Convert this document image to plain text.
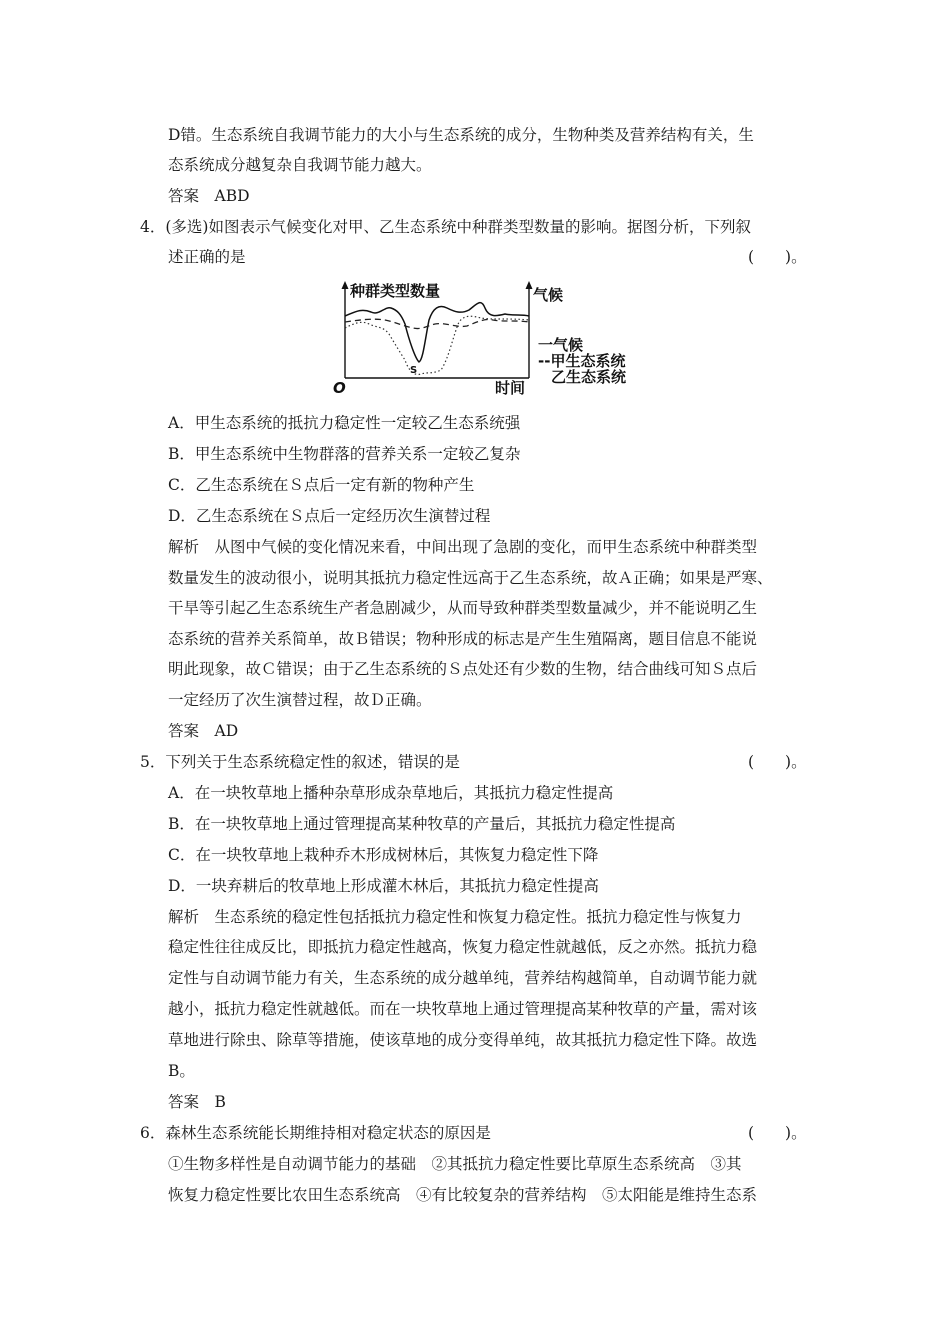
D错。生态系统自我调节能力的大小与生态系统的成分，生物种类及营养结构有关，生
态系统成分越复杂自我调节能力越大。
答案　ABD
4．(多选)如图表示气候变化对甲、乙生态系统中种群类型数量的影响。据图分析，下列叙
述正确的是	(　　)。
种群类型数量	气候
O	时间
S
一气候
--甲生态系统
乙生态系统
A．甲生态系统的抵抗力稳定性一定较乙生态系统强
B．甲生态系统中生物群落的营养关系一定较乙复杂
C．乙生态系统在Ｓ点后一定有新的物种产生
D．乙生态系统在Ｓ点后一定经历次生演替过程
解析　从图中气候的变化情况来看，中间出现了急剧的变化，而甲生态系统中种群类型
数量发生的波动很小，说明其抵抗力稳定性远高于乙生态系统，故Ａ正确；如果是严寒、
干旱等引起乙生态系统生产者急剧减少，从而导致种群类型数量减少，并不能说明乙生
态系统的营养关系简单，故Ｂ错误；物种形成的标志是产生生殖隔离，题目信息不能说
明此现象，故Ｃ错误；由于乙生态系统的Ｓ点处还有少数的生物，结合曲线可知Ｓ点后
一定经历了次生演替过程，故Ｄ正确。
答案　AD
5．下列关于生态系统稳定性的叙述，错误的是	(　　)。
A．在一块牧草地上播种杂草形成杂草地后，其抵抗力稳定性提高
B．在一块牧草地上通过管理提高某种牧草的产量后，其抵抗力稳定性提高
C．在一块牧草地上栽种乔木形成树林后，其恢复力稳定性下降
D．一块弃耕后的牧草地上形成灌木林后，其抵抗力稳定性提高
解析　生态系统的稳定性包括抵抗力稳定性和恢复力稳定性。抵抗力稳定性与恢复力
稳定性往往成反比，即抵抗力稳定性越高，恢复力稳定性就越低，反之亦然。抵抗力稳
定性与自动调节能力有关，生态系统的成分越单纯，营养结构越简单，自动调节能力就
越小，抵抗力稳定性就越低。而在一块牧草地上通过管理提高某种牧草的产量，需对该
草地进行除虫、除草等措施，使该草地的成分变得单纯，故其抵抗力稳定性下降。故选
B。
答案　B
6．森林生态系统能长期维持相对稳定状态的原因是	(　　)。
①生物多样性是自动调节能力的基础　②其抵抗力稳定性要比草原生态系统高　③其
恢复力稳定性要比农田生态系统高　④有比较复杂的营养结构　⑤太阳能是维持生态系
